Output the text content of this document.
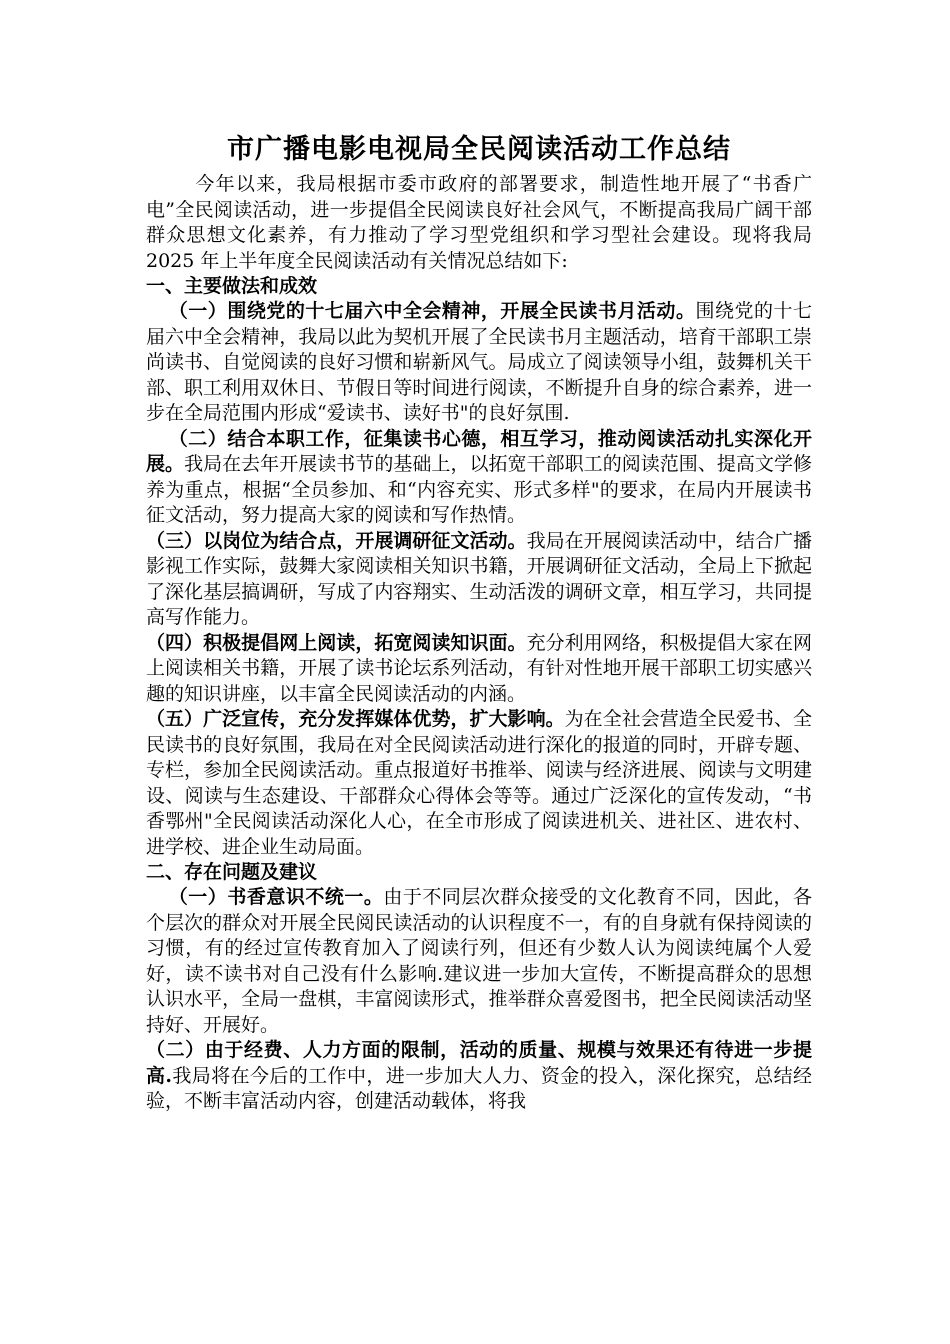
市广播电影电视局全民阅读活动工作总结

今年以来，我局根据市委市政府的部署要求，制造性地开展了“书香广电”全民阅读活动，进一步提倡全民阅读良好社会风气，不断提高我局广阔干部群众思想文化素养，有力推动了学习型党组织和学习型社会建设。现将我局 2025 年上半年度全民阅读活动有关情况总结如下:

一、主要做法和成效

（一）围绕党的十七届六中全会精神，开展全民读书月活动。围绕党的十七届六中全会精神，我局以此为契机开展了全民读书月主题活动，培育干部职工崇尚读书、自觉阅读的良好习惯和崭新风气。局成立了阅读领导小组，鼓舞机关干部、职工利用双休日、节假日等时间进行阅读，不断提升自身的综合素养，进一步在全局范围内形成“爱读书、读好书"的良好氛围.

（二）结合本职工作，征集读书心德，相互学习，推动阅读活动扎实深化开展。我局在去年开展读书节的基础上，以拓宽干部职工的阅读范围、提高文学修养为重点，根据“全员参加、和“内容充实、形式多样"的要求，在局内开展读书征文活动，努力提高大家的阅读和写作热情。

（三）以岗位为结合点，开展调研征文活动。我局在开展阅读活动中，结合广播影视工作实际，鼓舞大家阅读相关知识书籍，开展调研征文活动，全局上下掀起了深化基层搞调研，写成了内容翔实、生动活泼的调研文章，相互学习，共同提高写作能力。

（四）积极提倡网上阅读，拓宽阅读知识面。充分利用网络，积极提倡大家在网上阅读相关书籍，开展了读书论坛系列活动，有针对性地开展干部职工切实感兴趣的知识讲座，以丰富全民阅读活动的内涵。

（五）广泛宣传，充分发挥媒体优势，扩大影响。为在全社会营造全民爱书、全民读书的良好氛围，我局在对全民阅读活动进行深化的报道的同时，开辟专题、专栏，参加全民阅读活动。重点报道好书推举、阅读与经济进展、阅读与文明建设、阅读与生态建设、干部群众心得体会等等。通过广泛深化的宣传发动，“书香鄂州"全民阅读活动深化人心，在全市形成了阅读进机关、进社区、进农村、进学校、进企业生动局面。

二、存在问题及建议

（一）书香意识不统一。由于不同层次群众接受的文化教育不同，因此，各个层次的群众对开展全民阅民读活动的认识程度不一，有的自身就有保持阅读的习惯，有的经过宣传教育加入了阅读行列，但还有少数人认为阅读纯属个人爱好，读不读书对自己没有什么影响.建议进一步加大宣传，不断提高群众的思想认识水平，全局一盘棋，丰富阅读形式，推举群众喜爱图书，把全民阅读活动坚持好、开展好。

（二）由于经费、人力方面的限制，活动的质量、规模与效果还有待进一步提高.我局将在今后的工作中，进一步加大人力、资金的投入，深化探究，总结经验，不断丰富活动内容，创建活动载体，将我
